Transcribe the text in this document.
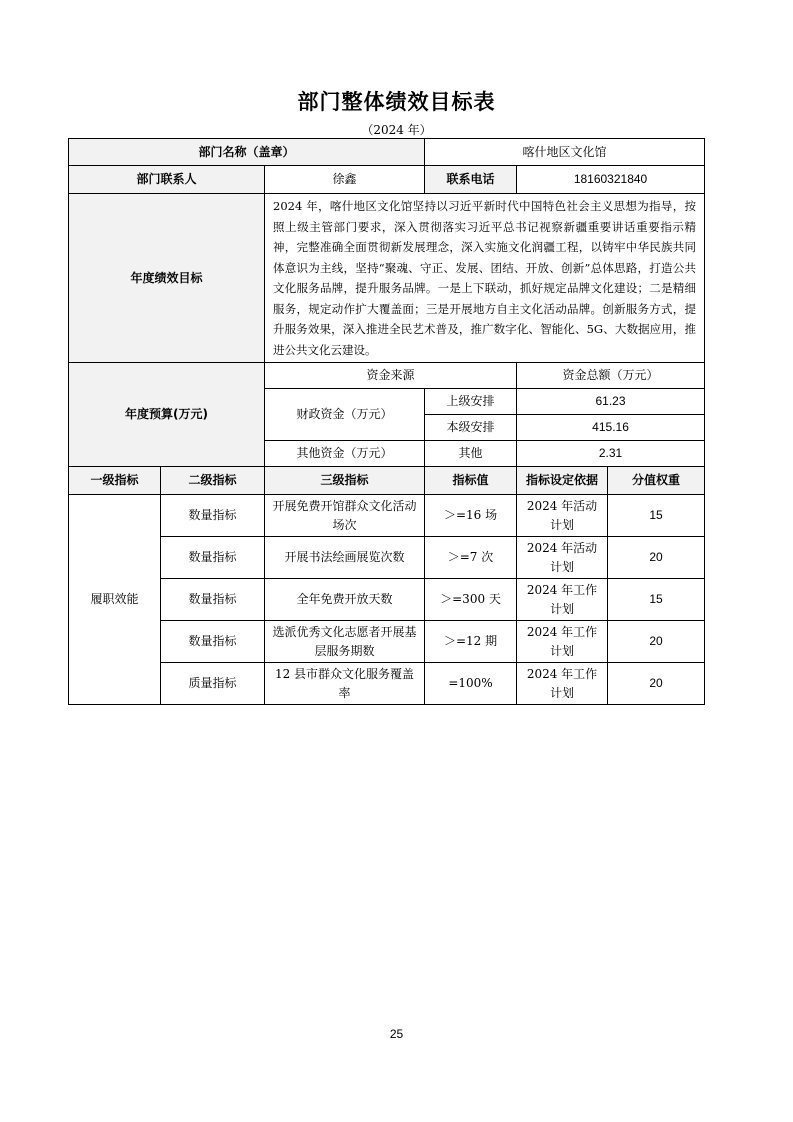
部门整体绩效目标表
（2024 年）
部门名称（盖章）			喀什地区文化馆		
部门联系人		徐鑫	联系电话	18160321840	
年度绩效目标		2024 年，喀什地区文化馆坚持以习近平新时代中国特色社会主义思想为指导，按照上级主管部门要求，深入贯彻落实习近平总书记视察新疆重要讲话重要指示精神，完整准确全面贯彻新发展理念，深入实施文化润疆工程，以铸牢中华民族共同体意识为主线，坚持“聚魂、守正、发展、团结、开放、创新”总体思路，打造公共文化服务品牌，提升服务品牌。一是上下联动，抓好规定品牌文化建设；二是精细服务，规定动作扩大覆盖面；三是开展地方自主文化活动品牌。创新服务方式，提升服务效果，深入推进全民艺术普及，推广数字化、智能化、5G、大数据应用，推进公共文化云建设。			
年度预算(万元)		资金来源		资金总额（万元）	
		财政资金（万元）	上级安排	61.23	
			本级安排	415.16	
		其他资金（万元）	其他	2.31	
一级指标	二级指标	三级指标	指标值	指标设定依据	分值权重
履职效能	数量指标	开展免费开馆群众文化活动场次	＞=16 场	2024 年活动计划	15
	数量指标	开展书法绘画展览次数	＞=7 次	2024 年活动计划	20
	数量指标	全年免费开放天数	＞=300 天	2024 年工作计划	15
	数量指标	选派优秀文化志愿者开展基层服务期数	＞=12 期	2024 年工作计划	20
	质量指标	12 县市群众文化服务覆盖率	=100%	2024 年工作计划	20
25
